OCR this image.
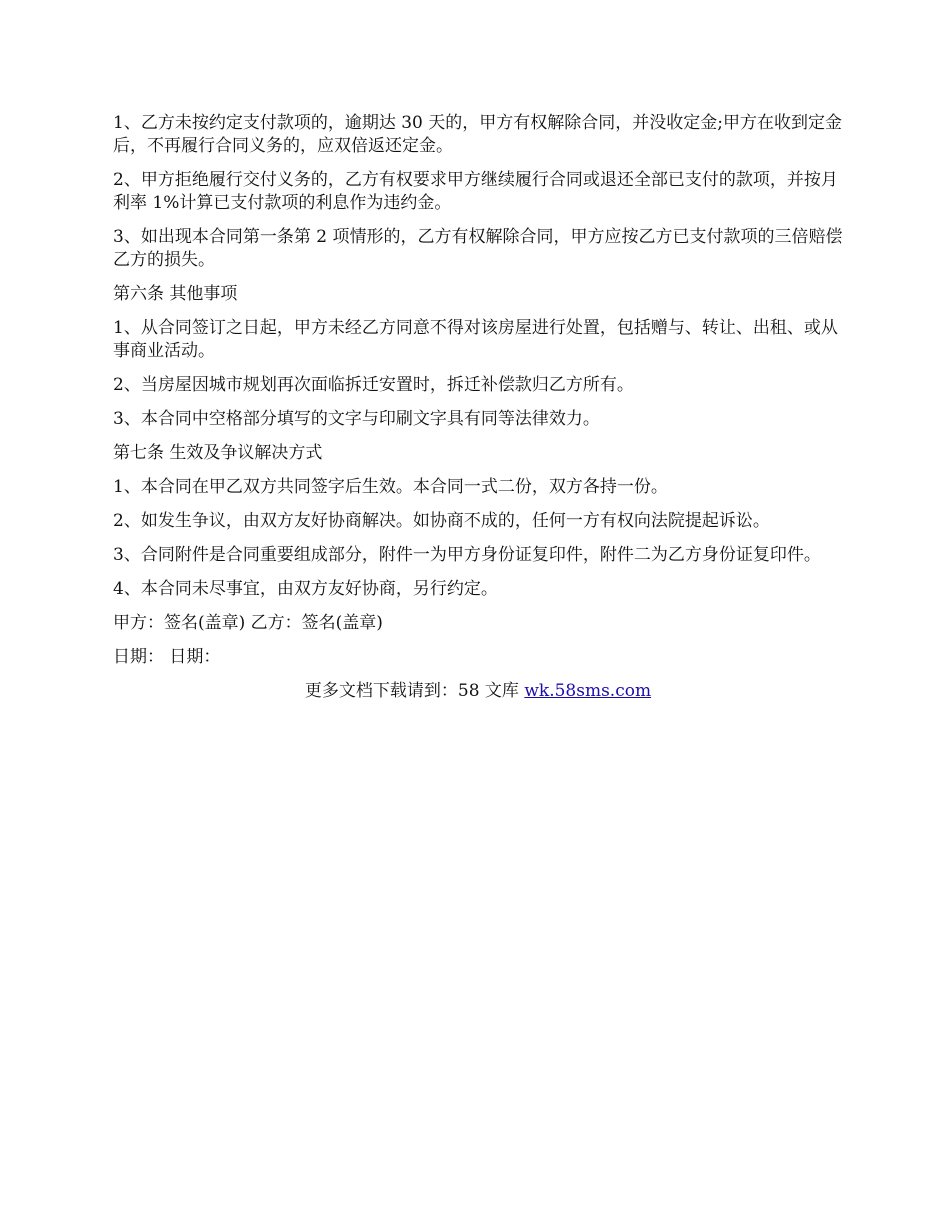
1、乙方未按约定支付款项的，逾期达 30 天的，甲方有权解除合同，并没收定金;甲方在收到定金后，不再履行合同义务的，应双倍返还定金。

2、甲方拒绝履行交付义务的，乙方有权要求甲方继续履行合同或退还全部已支付的款项，并按月利率 1%计算已支付款项的利息作为违约金。

3、如出现本合同第一条第 2 项情形的，乙方有权解除合同，甲方应按乙方已支付款项的三倍赔偿乙方的损失。

第六条 其他事项

1、从合同签订之日起，甲方未经乙方同意不得对该房屋进行处置，包括赠与、转让、出租、或从事商业活动。

2、当房屋因城市规划再次面临拆迁安置时，拆迁补偿款归乙方所有。

3、本合同中空格部分填写的文字与印刷文字具有同等法律效力。

第七条 生效及争议解决方式

1、本合同在甲乙双方共同签字后生效。本合同一式二份，双方各持一份。

2、如发生争议，由双方友好协商解决。如协商不成的，任何一方有权向法院提起诉讼。

3、合同附件是合同重要组成部分，附件一为甲方身份证复印件，附件二为乙方身份证复印件。

4、本合同未尽事宜，由双方友好协商，另行约定。

甲方：签名(盖章) 乙方：签名(盖章)

日期： 日期：

更多文档下载请到：58 文库 wk.58sms.com
